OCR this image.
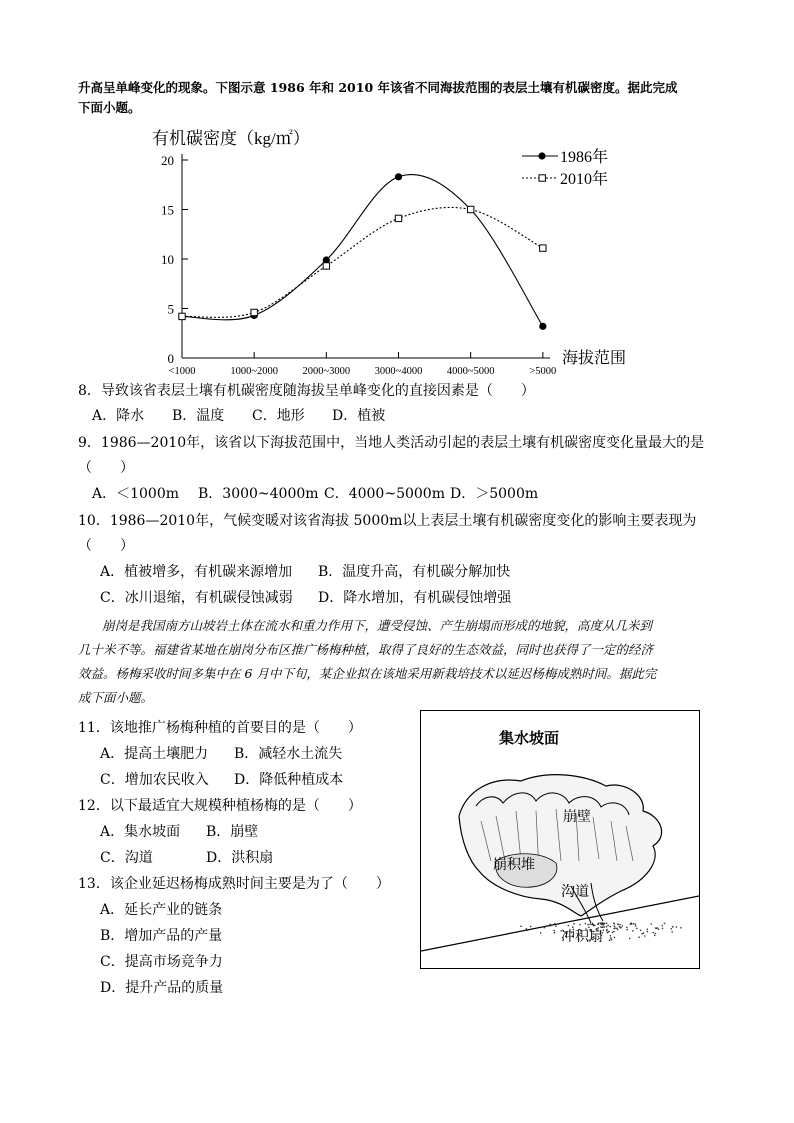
升高呈单峰变化的现象。下图示意 1986 年和 2010 年该省不同海拔范围的表层土壤有机碳密度。据此完成
下面小题。
有机碳密度（kg/㎡）
0
5
10
15
20
<1000	1000~2000 2000~3000 3000~4000 4000~5000	>5000
海拔范围
1986年
2010年
8．导致该省表层土壤有机碳密度随海拔呈单峰变化的直接因素是（　　）
A．降水 B．温度 C．地形 D．植被
9．1986—2010年，该省以下海拔范围中，当地人类活动引起的表层土壤有机碳密度变化量最大的是
（　　）
A．＜1000m B．3000~4000m C．4000~5000m D．＞5000m
10．1986—2010年，气候变暖对该省海拔 5000m以上表层土壤有机碳密度变化的影响主要表现为
（　　）
A．植被增多，有机碳来源增加 B．温度升高，有机碳分解加快
C．冰川退缩，有机碳侵蚀减弱 D．降水增加，有机碳侵蚀增强
崩岗是我国南方山坡岩土体在流水和重力作用下，遭受侵蚀、产生崩塌而形成的地貌，高度从几米到
几十米不等。福建省某地在崩岗分布区推广杨梅种植，取得了良好的生态效益，同时也获得了一定的经济
效益。杨梅采收时间多集中在 6 月中下旬，某企业拟在该地采用新栽培技术以延迟杨梅成熟时间。据此完
成下面小题。
11．该地推广杨梅种植的首要目的是（　　）
A．提高土壤肥力 B．减轻水土流失
C．增加农民收入 D．降低种植成本
12．以下最适宜大规模种植杨梅的是（　　）
A．集水坡面 B．崩壁
C．沟道	D．洪积扇
13．该企业延迟杨梅成熟时间主要是为了（　　）
A．延长产业的链条
B．增加产品的产量
C．提高市场竞争力
D．提升产品的质量
集水坡面
崩壁
崩积堆
沟道
冲积扇
